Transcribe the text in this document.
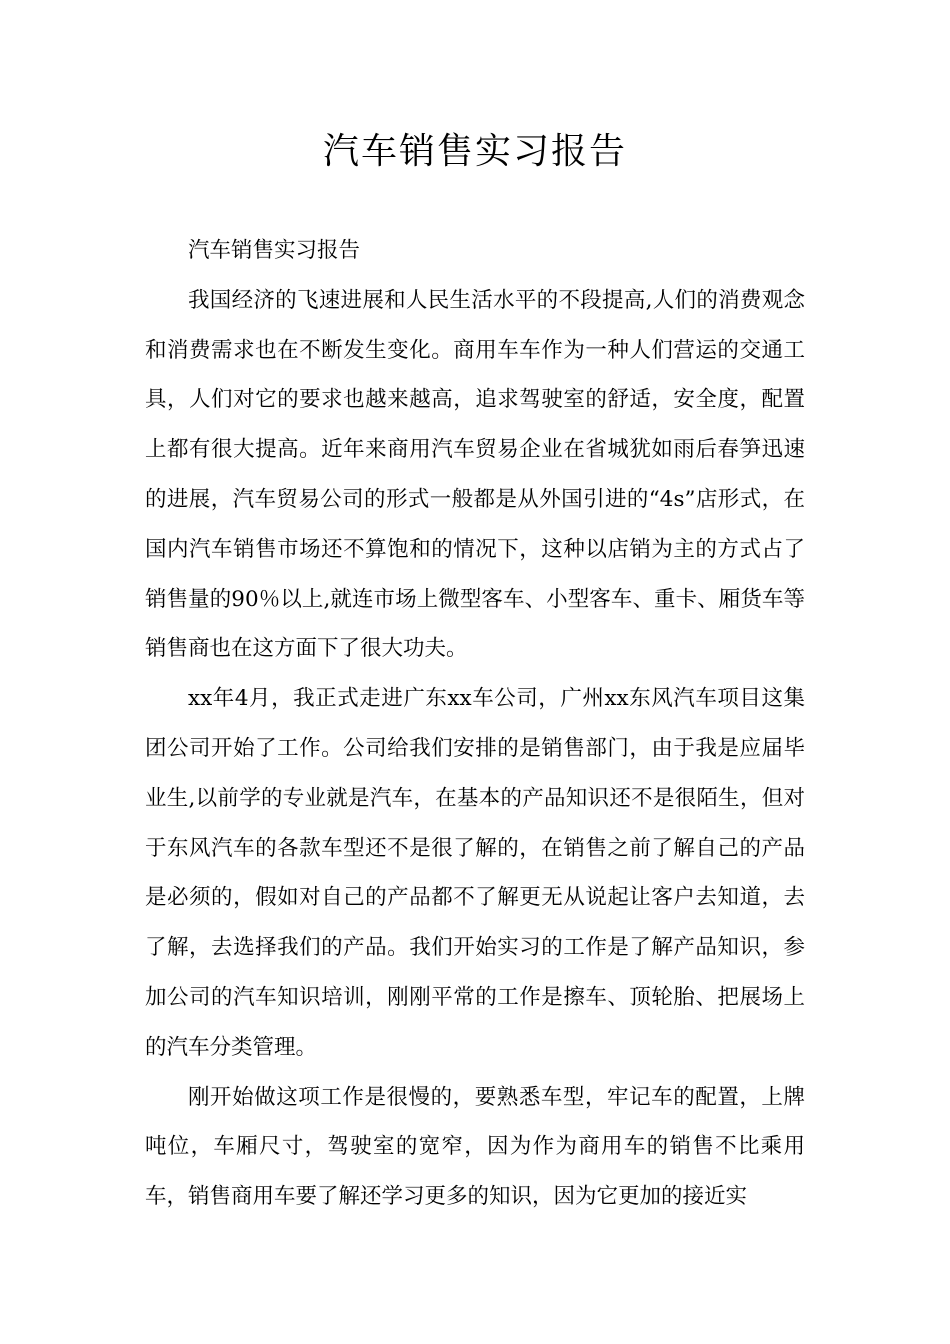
汽车销售实习报告

汽车销售实习报告

我国经济的飞速进展和人民生活水平的不段提高,人们的消费观念和消费需求也在不断发生变化。商用车车作为一种人们营运的交通工具，人们对它的要求也越来越高，追求驾驶室的舒适，安全度，配置上都有很大提高。近年来商用汽车贸易企业在省城犹如雨后春笋迅速的进展，汽车贸易公司的形式一般都是从外国引进的“4s”店形式，在国内汽车销售市场还不算饱和的情况下，这种以店销为主的方式占了销售量的90％以上,就连市场上微型客车、小型客车、重卡、厢货车等销售商也在这方面下了很大功夫。

xx年4月，我正式走进广东xx车公司，广州xx东风汽车项目这集团公司开始了工作。公司给我们安排的是销售部门，由于我是应届毕业生,以前学的专业就是汽车，在基本的产品知识还不是很陌生，但对于东风汽车的各款车型还不是很了解的，在销售之前了解自己的产品是必须的，假如对自己的产品都不了解更无从说起让客户去知道，去了解，去选择我们的产品。我们开始实习的工作是了解产品知识，参加公司的汽车知识培训，刚刚平常的工作是擦车、顶轮胎、把展场上的汽车分类管理。

刚开始做这项工作是很慢的，要熟悉车型，牢记车的配置，上牌吨位，车厢尺寸，驾驶室的宽窄，因为作为商用车的销售不比乘用车，销售商用车要了解还学习更多的知识，因为它更加的接近实
